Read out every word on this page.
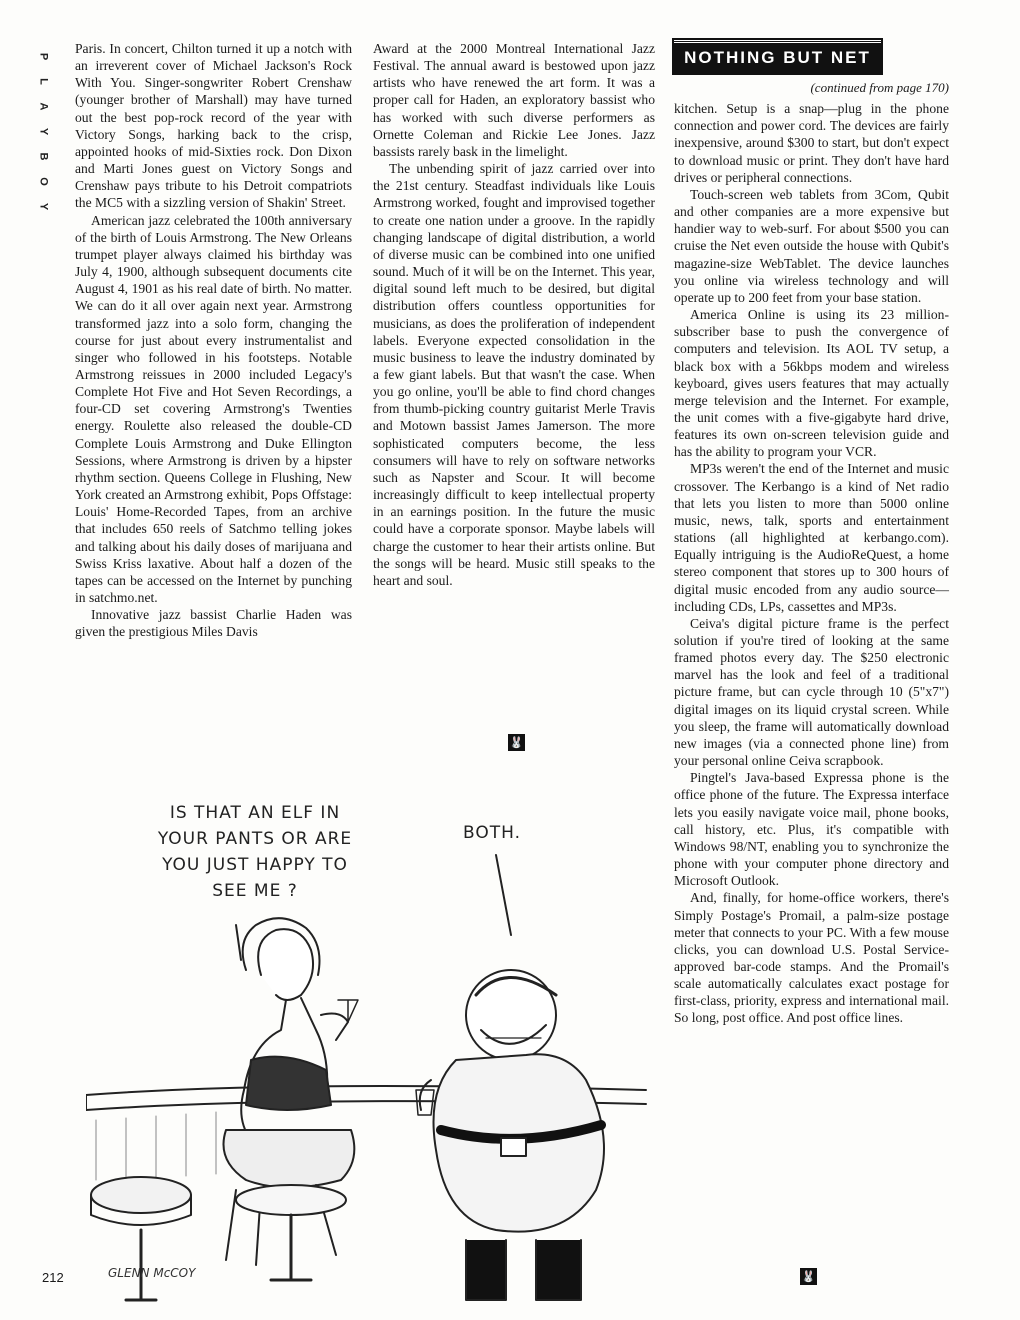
P
L
A
Y
B
O
Y

Paris. In concert, Chilton turned it up a notch with an irreverent cover of Michael Jackson's Rock With You. Singer-songwriter Robert Crenshaw (younger brother of Marshall) may have turned out the best pop-rock record of the year with Victory Songs, harking back to the crisp, appointed hooks of mid-Sixties rock. Don Dixon and Marti Jones guest on Victory Songs and Crenshaw pays tribute to his Detroit compatriots the MC5 with a sizzling version of Shakin' Street.

American jazz celebrated the 100th anniversary of the birth of Louis Armstrong. The New Orleans trumpet player always claimed his birthday was July 4, 1900, although subsequent documents cite August 4, 1901 as his real date of birth. No matter. We can do it all over again next year. Armstrong transformed jazz into a solo form, changing the course for just about every instrumentalist and singer who followed in his footsteps. Notable Armstrong reissues in 2000 included Legacy's Complete Hot Five and Hot Seven Recordings, a four-CD set covering Armstrong's Twenties energy. Roulette also released the double-CD Complete Louis Armstrong and Duke Ellington Sessions, where Armstrong is driven by a hipster rhythm section. Queens College in Flushing, New York created an Armstrong exhibit, Pops Offstage: Louis' Home-Recorded Tapes, from an archive that includes 650 reels of Satchmo telling jokes and talking about his daily doses of marijuana and Swiss Kriss laxative. About half a dozen of the tapes can be accessed on the Internet by punching in satchmo.net.

Innovative jazz bassist Charlie Haden was given the prestigious Miles Davis

Award at the 2000 Montreal International Jazz Festival. The annual award is bestowed upon jazz artists who have renewed the art form. It was a proper call for Haden, an exploratory bassist who has worked with such diverse performers as Ornette Coleman and Rickie Lee Jones. Jazz bassists rarely bask in the limelight.

The unbending spirit of jazz carried over into the 21st century. Steadfast individuals like Louis Armstrong worked, fought and improvised together to create one nation under a groove. In the rapidly changing landscape of digital distribution, a world of diverse music can be combined into one unified sound. Much of it will be on the Internet. This year, digital sound left much to be desired, but digital distribution offers countless opportunities for musicians, as does the proliferation of independent labels. Everyone expected consolidation in the music business to leave the industry dominated by a few giant labels. But that wasn't the case. When you go online, you'll be able to find chord changes from thumb-picking country guitarist Merle Travis and Motown bassist James Jamerson. The more sophisticated computers become, the less consumers will have to rely on software networks such as Napster and Scour. It will become increasingly difficult to keep intellectual property in an earnings position. In the future the music could have a corporate sponsor. Maybe labels will charge the customer to hear their artists online. But the songs will be heard. Music still speaks to the heart and soul.

🐰
NOTHING BUT NET
(continued from page 170)

kitchen. Setup is a snap—plug in the phone connection and power cord. The devices are fairly inexpensive, around $300 to start, but don't expect to download music or print. They don't have hard drives or peripheral connections.

Touch-screen web tablets from 3Com, Qubit and other companies are a more expensive but handier way to web-surf. For about $500 you can cruise the Net even outside the house with Qubit's magazine-size WebTablet. The device launches you online via wireless technology and will operate up to 200 feet from your base station.

America Online is using its 23 million-subscriber base to push the convergence of computers and television. Its AOL TV setup, a black box with a 56kbps modem and wireless keyboard, gives users features that may actually merge television and the Internet. For example, the unit comes with a five-gigabyte hard drive, features its own on-screen television guide and has the ability to program your VCR.

MP3s weren't the end of the Internet and music crossover. The Kerbango is a kind of Net radio that lets you listen to more than 5000 online music, news, talk, sports and entertainment stations (all highlighted at kerbango.com). Equally intriguing is the AudioReQuest, a home stereo component that stores up to 300 hours of digital music encoded from any audio source—including CDs, LPs, cassettes and MP3s.

Ceiva's digital picture frame is the perfect solution if you're tired of looking at the same framed photos every day. The $250 electronic marvel has the look and feel of a traditional picture frame, but can cycle through 10 (5"x7") digital images on its liquid crystal screen. While you sleep, the frame will automatically download new images (via a connected phone line) from your personal online Ceiva scrapbook.

Pingtel's Java-based Expressa phone is the office phone of the future. The Expressa interface lets you easily navigate voice mail, phone books, call history, etc. Plus, it's compatible with Windows 98/NT, enabling you to synchronize the phone with your computer phone directory and Microsoft Outlook.

And, finally, for home-office workers, there's Simply Postage's Promail, a palm-size postage meter that connects to your PC. With a few mouse clicks, you can download U.S. Postal Service-approved bar-code stamps. And the Promail's scale automatically calculates exact postage for first-class, priority, express and international mail. So long, post office. And post office lines.

🐰
IS THAT AN ELF IN YOUR PANTS OR ARE YOU JUST HAPPY TO SEE ME ?
BOTH.
GLENN McCOY
212
